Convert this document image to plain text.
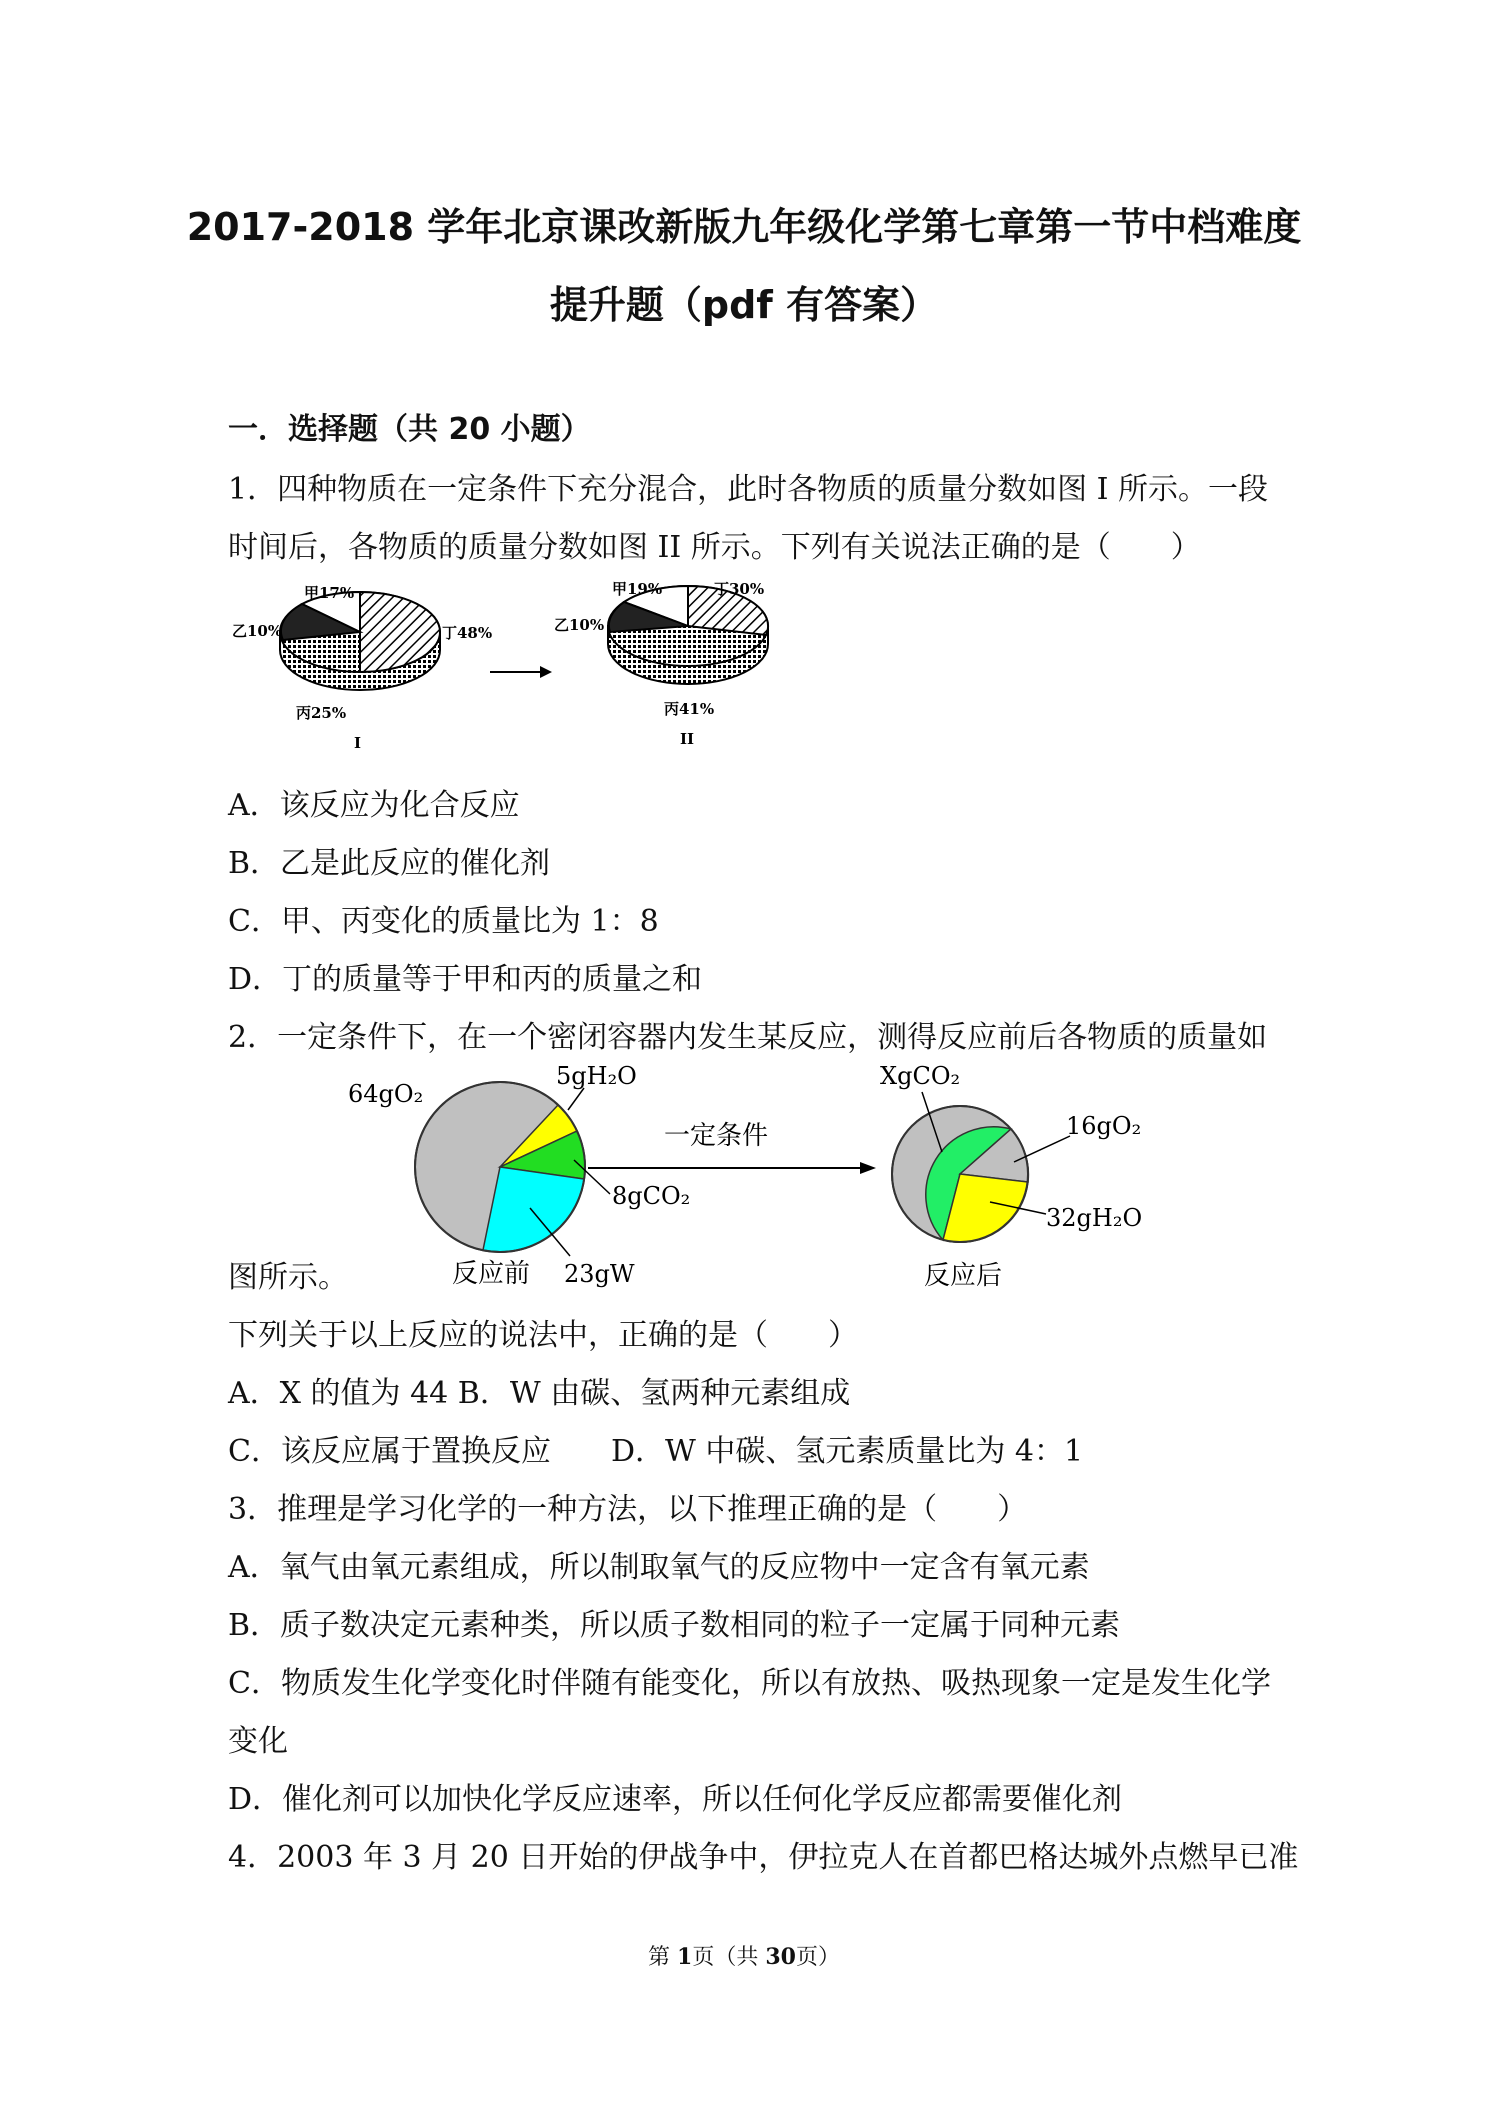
2017-2018 学年北京课改新版九年级化学第七章第一节中档难度
提升题（pdf 有答案）
一．选择题（共 20 小题）
1．四种物质在一定条件下充分混合，此时各物质的质量分数如图 I 所示。一段
时间后，各物质的质量分数如图 II 所示。下列有关说法正确的是（　　）
甲17%
乙10%	丁48%
丙25%
I
甲19%	丁30%
乙10%
丙41%
II
A．该反应为化合反应
B．乙是此反应的催化剂
C．甲、丙变化的质量比为 1：8
D．丁的质量等于甲和丙的质量之和
2．一定条件下，在一个密闭容器内发生某反应，测得反应前后各物质的质量如
64gO₂
5gH₂O
8gCO₂
23gW
反应前
一定条件
XgCO₂
16gO₂
32gH₂O
反应后
图所示。
下列关于以上反应的说法中，正确的是（　　）
A．X 的值为 44 B．W 由碳、氢两种元素组成
C．该反应属于置换反应　　D．W 中碳、氢元素质量比为 4：1
3．推理是学习化学的一种方法，以下推理正确的是（　　）
A．氧气由氧元素组成，所以制取氧气的反应物中一定含有氧元素
B．质子数决定元素种类，所以质子数相同的粒子一定属于同种元素
C．物质发生化学变化时伴随有能变化，所以有放热、吸热现象一定是发生化学
变化
D．催化剂可以加快化学反应速率，所以任何化学反应都需要催化剂
4．2003 年 3 月 20 日开始的伊战争中，伊拉克人在首都巴格达城外点燃早已准
第 1页（共 30页）
